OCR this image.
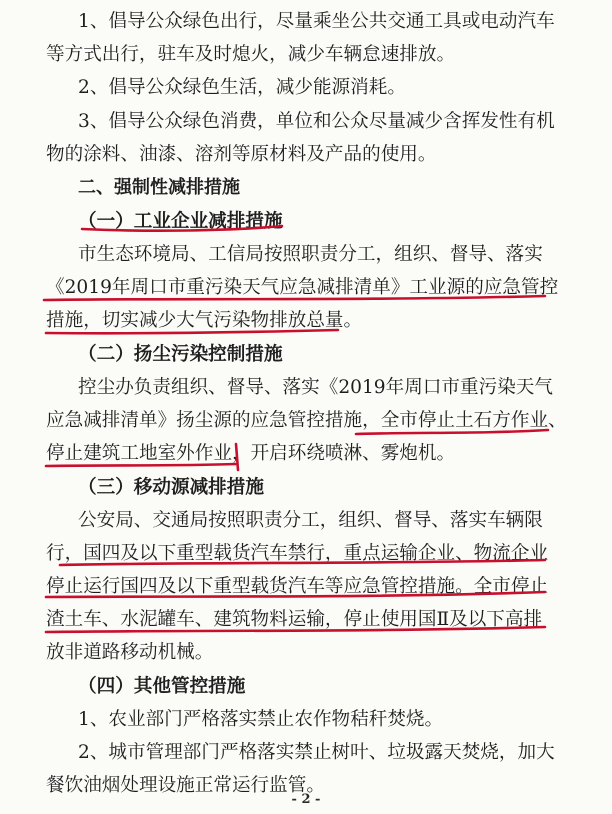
1、倡导公众绿色出行，尽量乘坐公共交通工具或电动汽车
等方式出行，驻车及时熄火，减少车辆怠速排放。
2、倡导公众绿色生活，减少能源消耗。
3、倡导公众绿色消费，单位和公众尽量减少含挥发性有机
物的涂料、油漆、溶剂等原材料及产品的使用。
二、强制性减排措施
（一）工业企业减排措施
市生态环境局、工信局按照职责分工，组织、督导、落实
《2019年周口市重污染天气应急减排清单》工业源的应急管控
措施，切实减少大气污染物排放总量。
（二）扬尘污染控制措施
控尘办负责组织、督导、落实《2019年周口市重污染天气
应急减排清单》扬尘源的应急管控措施，全市停止土石方作业、
停止建筑工地室外作业，开启环绕喷淋、雾炮机。
（三）移动源减排措施
公安局、交通局按照职责分工，组织、督导、落实车辆限
行，国四及以下重型载货汽车禁行，重点运输企业、物流企业
停止运行国四及以下重型载货汽车等应急管控措施。全市停止
渣土车、水泥罐车、建筑物料运输，停止使用国Ⅱ及以下高排
放非道路移动机械。
（四）其他管控措施
1、农业部门严格落实禁止农作物秸秆焚烧。
2、城市管理部门严格落实禁止树叶、垃圾露天焚烧，加大
餐饮油烟处理设施正常运行监管。
- 2 -
